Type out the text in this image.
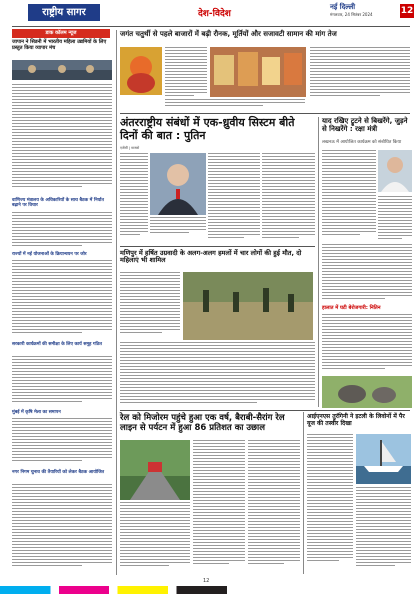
राष्ट्रीय सागर	देश-विदेश
नई दिल्ली
मंगलवार, 24 सितंबर 2024	12
डाक कॉलम न्यूज
जापान ने सिडनी में भारतीय महिला उद्यमियों के लिए प्रस्तुत किया व्यापार मंच
वाणिज्य मंत्रालय के अधिकारियों के साथ बैठक में निर्यात बढ़ाने पर विचार
राज्यों में नई योजनाओं के क्रियान्वयन पर जोर
सरकारी कार्यक्रमों की समीक्षा के लिए कार्य समूह गठित
मुंबई में कृषि मेला का समापन
नगर निगम चुनाव की तैयारियों को लेकर बैठक आयोजित
जगंत चतुर्थी से पहले बाजारों में बढ़ी रौनक, मूर्तियों और सजावटी सामान की मांग तेज
अंतरराष्ट्रीय संबंधों में एक-ध्रुवीय सिस्टम बीते दिनों की बात : पुतिन
एजेंसी | मास्को
याद रखिए ट्रूटने से बिखरेंगे, जुड़ने से निखरेंगे : रक्षा मंत्री
लखनऊ में आयोजित कार्यक्रम को संबोधित किया
हालात में घटी बेरोजगारी: नितिन
मणिपुर में हर्षित उग्रवादी के अलग-अलग हमलों में चार लोगों की हुई मौत, दो महिलाएं भी शामिल
रेल को मिजोरम पहुंचे हुआ एक वर्ष, बैराबी-सैरांग रेल लाइन से पर्यटन में हुआ 86 प्रतिशत का उछाल
आईएनएस तुरंगिनी ने इटली के लिवोर्नो में पैर यूज की तस्वीर दिखा
12
